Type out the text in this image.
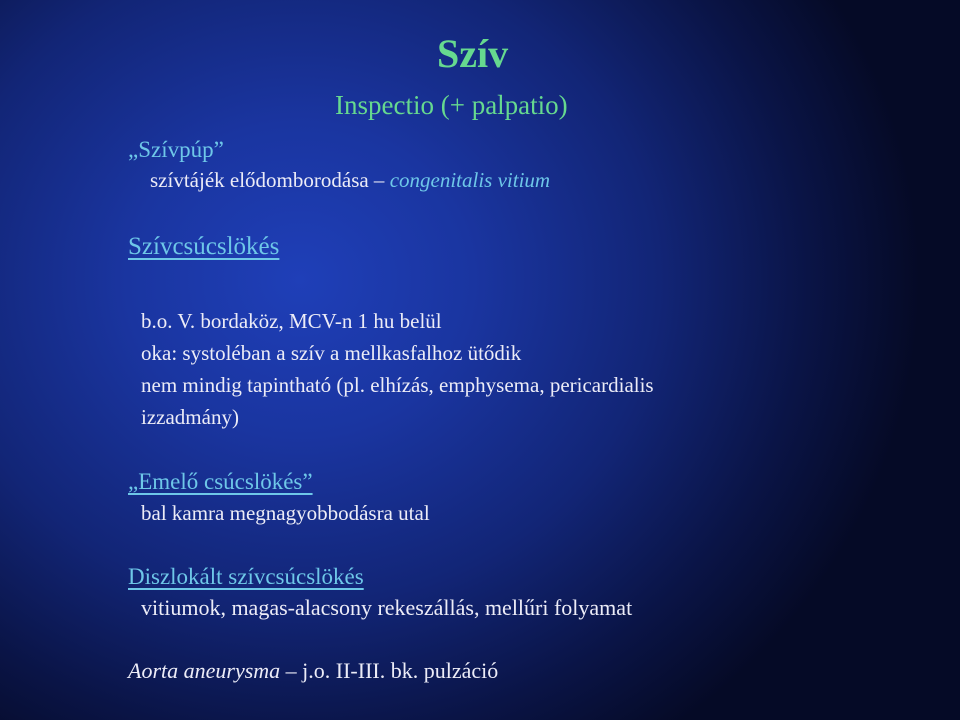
Szív
Inspectio (+ palpatio)
„Szívpúp”
szívtájék elődomborodása – congenitalis vitium
Szívcsúcslökés
b.o. V. bordaköz, MCV-n 1 hu belül
oka: systoléban a szív a mellkasfalhoz ütődik
nem mindig tapintható (pl. elhízás, emphysema, pericardialis
izzadmány)
„Emelő csúcslökés”
bal kamra megnagyobbodásra utal
Diszlokált szívcsúcslökés
vitiumok, magas-alacsony rekeszállás, mellűri folyamat
Aorta aneurysma – j.o. II-III. bk. pulzáció
